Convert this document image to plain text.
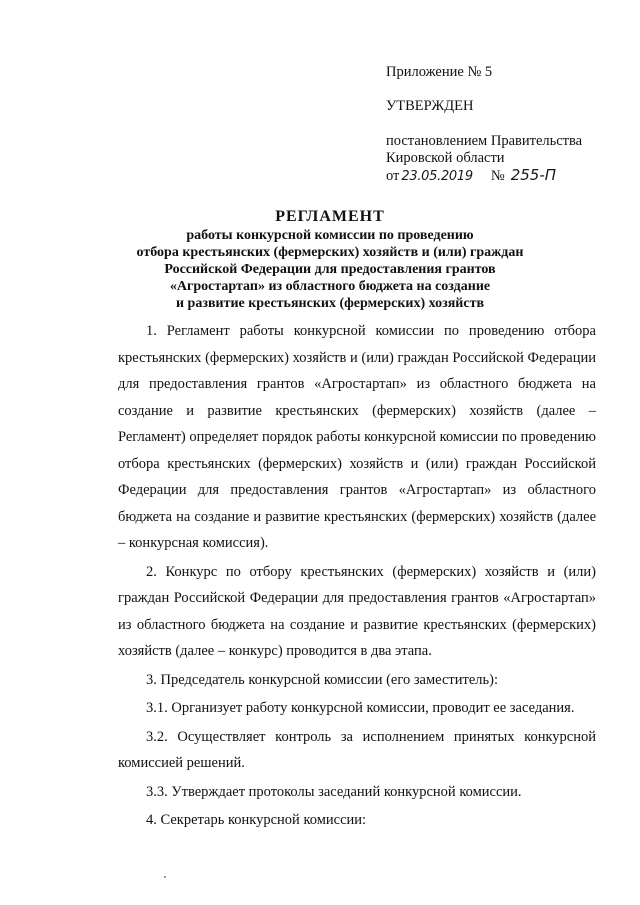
Приложение № 5
УТВЕРЖДЕН
постановлением Правительства
Кировской области
от 23.05.2019 № 255-П
РЕГЛАМЕНТ
работы конкурсной комиссии по проведению
отбора крестьянских (фермерских) хозяйств и (или) граждан
Российской Федерации для предоставления грантов
«Агростартап» из областного бюджета на создание
и развитие крестьянских (фермерских) хозяйств

1. Регламент работы конкурсной комиссии по проведению отбора крестьянских (фермерских) хозяйств и (или) граждан Российской Федерации для предоставления грантов «Агростартап» из областного бюджета на создание и развитие крестьянских (фермерских) хозяйств (далее – Регламент) определяет порядок работы конкурсной комиссии по проведению отбора крестьянских (фермерских) хозяйств и (или) граждан Российской Федерации для предоставления грантов «Агростартап» из областного бюджета на создание и развитие крестьянских (фермерских) хозяйств (далее – конкурсная комиссия).

2. Конкурс по отбору крестьянских (фермерских) хозяйств и (или) граждан Российской Федерации для предоставления грантов «Агростартап» из областного бюджета на создание и развитие крестьянских (фермерских) хозяйств (далее – конкурс) проводится в два этапа.

3. Председатель конкурсной комиссии (его заместитель):

3.1. Организует работу конкурсной комиссии, проводит ее заседания.

3.2. Осуществляет контроль за исполнением принятых конкурсной комиссией решений.

3.3. Утверждает протоколы заседаний конкурсной комиссии.

4. Секретарь конкурсной комиссии:
